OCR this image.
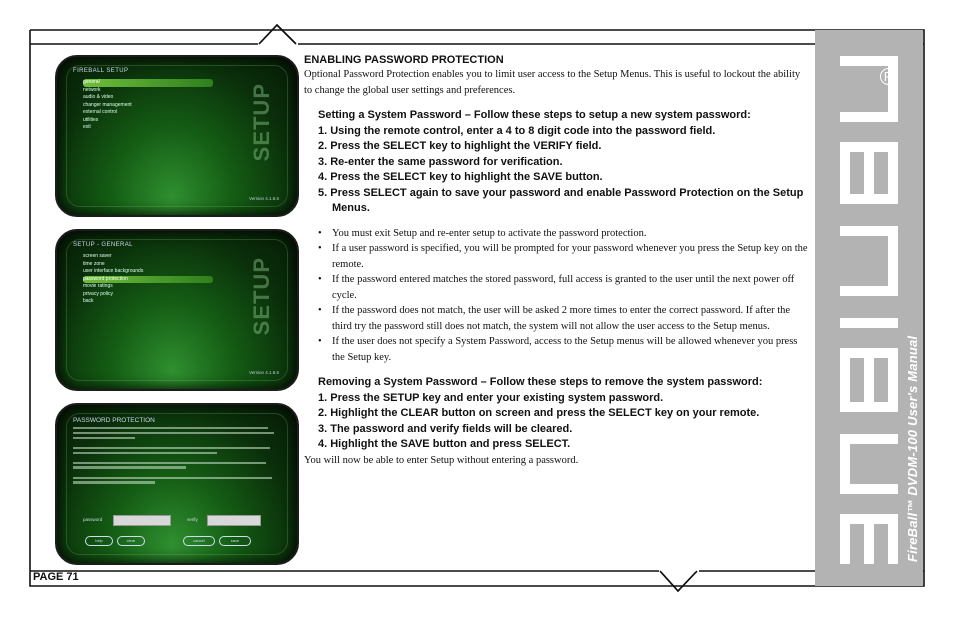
R
FireBall™ DVDM-100 User's Manual
FIREBALL SETUP
general
network
audio & video
changer management
external control
utilities
exit	SETUP
Version 4.1.8.6
SETUP - GENERAL
screen saver
time zone
user interface backgrounds
password protection
movie ratings
privacy policy
back	SETUP
Version 4.1.8.6
PASSWORD PROTECTION
password	verify
help	clear	cancel	save

ENABLING PASSWORD PROTECTION

Optional Password Protection enables you to limit user access to the Setup Menus. This is useful to lockout the ability to change the global user settings and preferences.

Setting a System Password – Follow these steps to setup a new system password:

1. Using the remote control, enter a 4 to 8 digit code into the password field.
2. Press the SELECT key to highlight the VERIFY field.
3. Re-enter the same password for verification.
4. Press the SELECT key to highlight the SAVE button.
5. Press SELECT again to save your password and enable Password Protection on the Setup Menus.
• You must exit Setup and re-enter setup to activate the password protection.
• If a user password is specified, you will be prompted for your password whenever you press the Setup key on the remote.
• If the password entered matches the stored password, full access is granted to the user until the next power off cycle.
• If the password does not match, the user will be asked 2 more times to enter the correct password. If after the third try the password still does not match, the system will not allow the user access to the Setup menus.
• If the user does not specify a System Password, access to the Setup menus will be allowed whenever you press the Setup key.

Removing a System Password – Follow these steps to remove the system password:

1. Press the SETUP key and enter your existing system password.
2. Highlight the CLEAR button on screen and press the SELECT key on your remote.
3. The password and verify fields will be cleared.
4. Highlight the SAVE button and press SELECT.

You will now be able to enter Setup without entering a password.

PAGE 71
